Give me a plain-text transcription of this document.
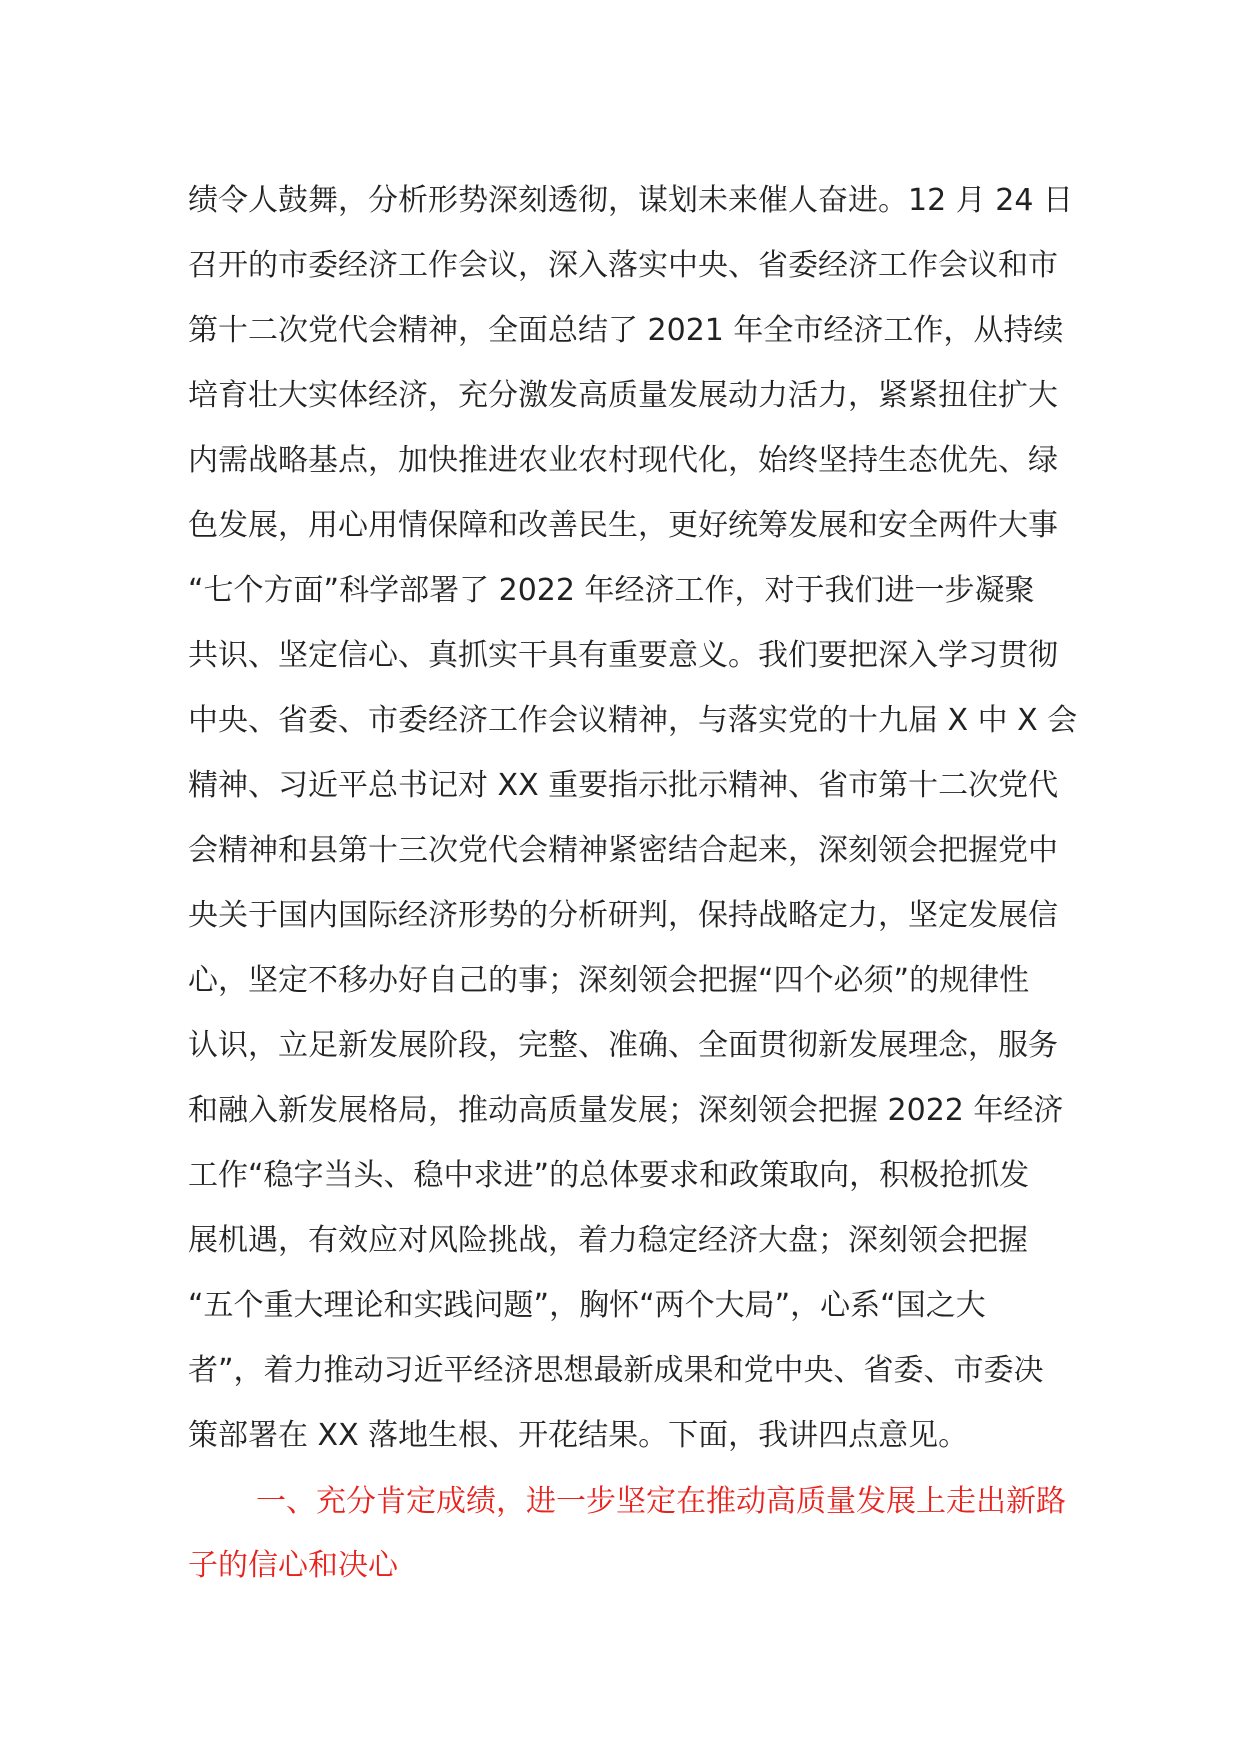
绩令人鼓舞，分析形势深刻透彻，谋划未来催人奋进。12 月 24 日
召开的市委经济工作会议，深入落实中央、省委经济工作会议和市
第十二次党代会精神，全面总结了 2021 年全市经济工作，从持续
培育壮大实体经济，充分激发高质量发展动力活力，紧紧扭住扩大
内需战略基点，加快推进农业农村现代化，始终坚持生态优先、绿
色发展，用心用情保障和改善民生，更好统筹发展和安全两件大事
“七个方面”科学部署了 2022 年经济工作，对于我们进一步凝聚
共识、坚定信心、真抓实干具有重要意义。我们要把深入学习贯彻
中央、省委、市委经济工作会议精神，与落实党的十九届 X 中 X 会
精神、习近平总书记对 XX 重要指示批示精神、省市第十二次党代
会精神和县第十三次党代会精神紧密结合起来，深刻领会把握党中
央关于国内国际经济形势的分析研判，保持战略定力，坚定发展信
心，坚定不移办好自己的事；深刻领会把握“四个必须”的规律性
认识，立足新发展阶段，完整、准确、全面贯彻新发展理念，服务
和融入新发展格局，推动高质量发展；深刻领会把握 2022 年经济
工作“稳字当头、稳中求进”的总体要求和政策取向，积极抢抓发
展机遇，有效应对风险挑战，着力稳定经济大盘；深刻领会把握
“五个重大理论和实践问题”，胸怀“两个大局”，心系“国之大
者”，着力推动习近平经济思想最新成果和党中央、省委、市委决
策部署在 XX 落地生根、开花结果。下面，我讲四点意见。
一、充分肯定成绩，进一步坚定在推动高质量发展上走出新路
子的信心和决心
